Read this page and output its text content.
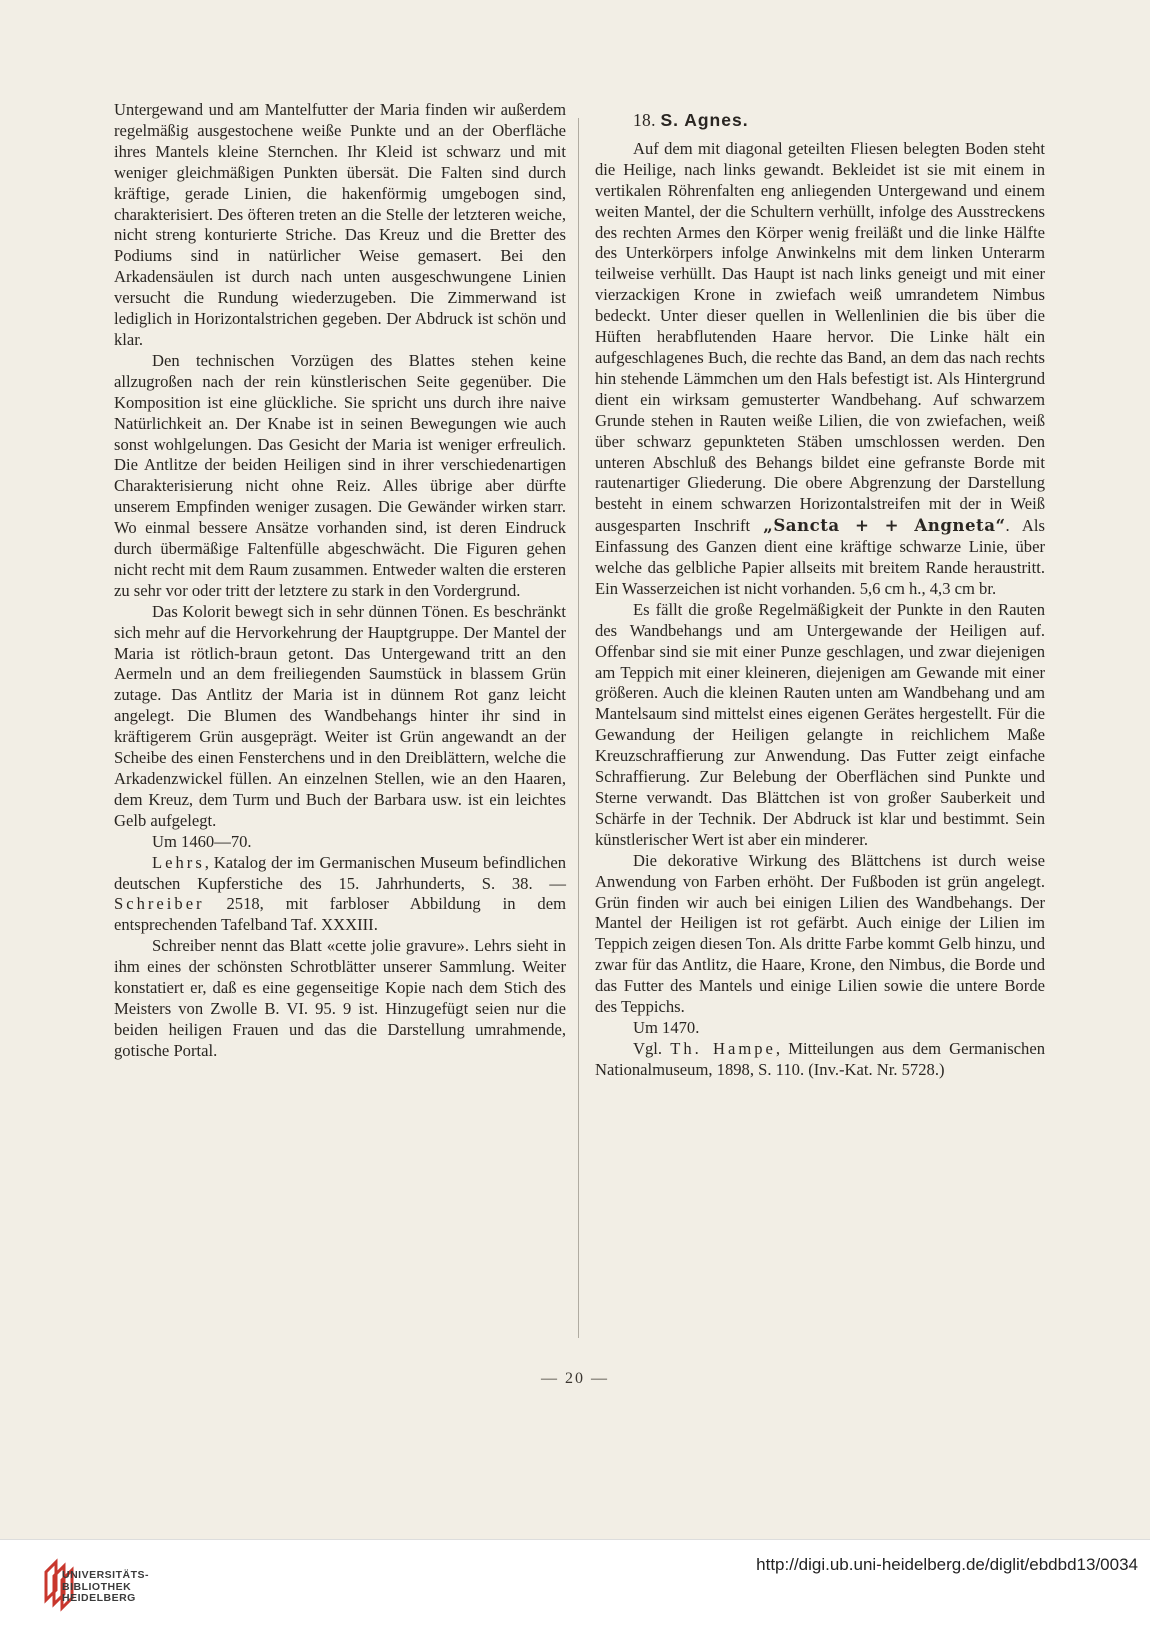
Untergewand und am Mantelfutter der Maria finden wir außerdem regelmäßig ausgestochene weiße Punkte und an der Oberfläche ihres Mantels kleine Sternchen. Ihr Kleid ist schwarz und mit weniger gleichmäßigen Punkten übersät. Die Falten sind durch kräftige, gerade Linien, die hakenförmig umgebogen sind, charakterisiert. Des öfteren treten an die Stelle der letzteren weiche, nicht streng konturierte Striche. Das Kreuz und die Bretter des Podiums sind in natürlicher Weise gemasert. Bei den Arkadensäulen ist durch nach unten ausgeschwungene Linien versucht die Rundung wiederzugeben. Die Zimmerwand ist lediglich in Horizontalstrichen gegeben. Der Abdruck ist schön und klar.

Den technischen Vorzügen des Blattes stehen keine allzugroßen nach der rein künstlerischen Seite gegenüber. Die Komposition ist eine glückliche. Sie spricht uns durch ihre naive Natürlichkeit an. Der Knabe ist in seinen Bewegungen wie auch sonst wohlgelungen. Das Gesicht der Maria ist weniger erfreulich. Die Antlitze der beiden Heiligen sind in ihrer verschiedenartigen Charakterisierung nicht ohne Reiz. Alles übrige aber dürfte unserem Empfinden weniger zusagen. Die Gewänder wirken starr. Wo einmal bessere Ansätze vorhanden sind, ist deren Eindruck durch übermäßige Faltenfülle abgeschwächt. Die Figuren gehen nicht recht mit dem Raum zusammen. Entweder walten die ersteren zu sehr vor oder tritt der letztere zu stark in den Vordergrund.

Das Kolorit bewegt sich in sehr dünnen Tönen. Es beschränkt sich mehr auf die Hervorkehrung der Hauptgruppe. Der Mantel der Maria ist rötlich-braun getont. Das Untergewand tritt an den Aermeln und an dem freiliegenden Saumstück in blassem Grün zutage. Das Antlitz der Maria ist in dünnem Rot ganz leicht angelegt. Die Blumen des Wandbehangs hinter ihr sind in kräftigerem Grün ausgeprägt. Weiter ist Grün angewandt an der Scheibe des einen Fensterchens und in den Dreiblättern, welche die Arkadenzwickel füllen. An einzelnen Stellen, wie an den Haaren, dem Kreuz, dem Turm und Buch der Barbara usw. ist ein leichtes Gelb aufgelegt.

Um 1460—70.

Lehrs, Katalog der im Germanischen Museum befindlichen deutschen Kupferstiche des 15. Jahrhunderts, S. 38. — Schreiber 2518, mit farbloser Abbildung in dem entsprechenden Tafelband Taf. XXXIII.

Schreiber nennt das Blatt «cette jolie gravure». Lehrs sieht in ihm eines der schönsten Schrotblätter unserer Sammlung. Weiter konstatiert er, daß es eine gegenseitige Kopie nach dem Stich des Meisters von Zwolle B. VI. 95. 9 ist. Hinzugefügt seien nur die beiden heiligen Frauen und das die Darstellung umrahmende, gotische Portal.

18. S. Agnes.

Auf dem mit diagonal geteilten Fliesen belegten Boden steht die Heilige, nach links gewandt. Bekleidet ist sie mit einem in vertikalen Röhrenfalten eng anliegenden Untergewand und einem weiten Mantel, der die Schultern verhüllt, infolge des Ausstreckens des rechten Armes den Körper wenig freiläßt und die linke Hälfte des Unterkörpers infolge Anwinkelns mit dem linken Unterarm teilweise verhüllt. Das Haupt ist nach links geneigt und mit einer vierzackigen Krone in zwiefach weiß umrandetem Nimbus bedeckt. Unter dieser quellen in Wellenlinien die bis über die Hüften herabflutenden Haare hervor. Die Linke hält ein aufgeschlagenes Buch, die rechte das Band, an dem das nach rechts hin stehende Lämmchen um den Hals befestigt ist. Als Hintergrund dient ein wirksam gemusterter Wandbehang. Auf schwarzem Grunde stehen in Rauten weiße Lilien, die von zwiefachen, weiß über schwarz gepunkteten Stäben umschlossen werden. Den unteren Abschluß des Behangs bildet eine gefranste Borde mit rautenartiger Gliederung. Die obere Abgrenzung der Darstellung besteht in einem schwarzen Horizontalstreifen mit der in Weiß ausgesparten Inschrift „Sancta + + Angneta“. Als Einfassung des Ganzen dient eine kräftige schwarze Linie, über welche das gelbliche Papier allseits mit breitem Rande heraustritt. Ein Wasserzeichen ist nicht vorhanden. 5,6 cm h., 4,3 cm br.

Es fällt die große Regelmäßigkeit der Punkte in den Rauten des Wandbehangs und am Untergewande der Heiligen auf. Offenbar sind sie mit einer Punze geschlagen, und zwar diejenigen am Teppich mit einer kleineren, diejenigen am Gewande mit einer größeren. Auch die kleinen Rauten unten am Wandbehang und am Mantelsaum sind mittelst eines eigenen Gerätes hergestellt. Für die Gewandung der Heiligen gelangte in reichlichem Maße Kreuzschraffierung zur Anwendung. Das Futter zeigt einfache Schraffierung. Zur Belebung der Oberflächen sind Punkte und Sterne verwandt. Das Blättchen ist von großer Sauberkeit und Schärfe in der Technik. Der Abdruck ist klar und bestimmt. Sein künstlerischer Wert ist aber ein minderer.

Die dekorative Wirkung des Blättchens ist durch weise Anwendung von Farben erhöht. Der Fußboden ist grün angelegt. Grün finden wir auch bei einigen Lilien des Wandbehangs. Der Mantel der Heiligen ist rot gefärbt. Auch einige der Lilien im Teppich zeigen diesen Ton. Als dritte Farbe kommt Gelb hinzu, und zwar für das Antlitz, die Haare, Krone, den Nimbus, die Borde und das Futter des Mantels und einige Lilien sowie die untere Borde des Teppichs.

Um 1470.

Vgl. Th. Hampe, Mitteilungen aus dem Germanischen Nationalmuseum, 1898, S. 110. (Inv.-Kat. Nr. 5728.)

— 20 —
UNIVERSITÄTS-
BIBLIOTHEK
HEIDELBERG
http://digi.ub.uni-heidelberg.de/diglit/ebdbd13/0034
